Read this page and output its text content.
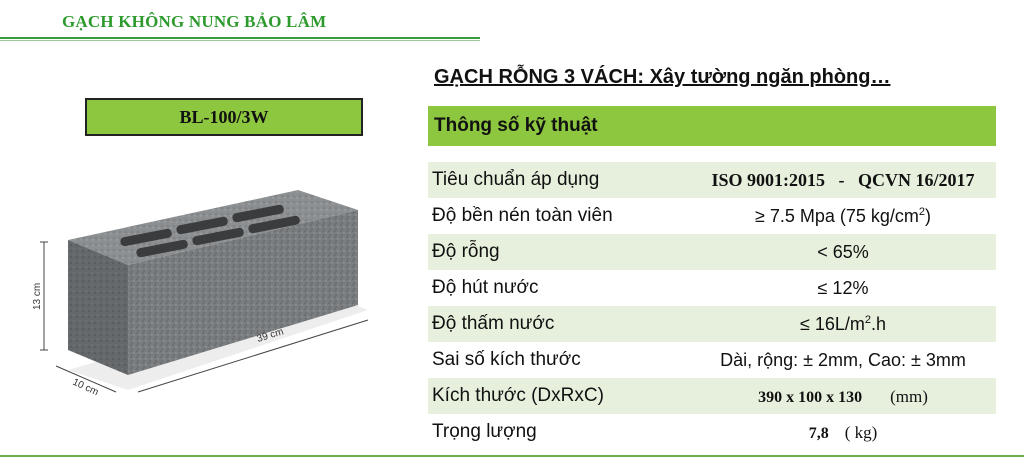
GẠCH KHÔNG NUNG BẢO LÂM
BL-100/3W
13 cm
10 cm
39 cm
GẠCH RỖNG 3 VÁCH: Xây tường ngăn phòng…
Thông số kỹ thuật
Tiêu chuẩn áp dụng	ISO 9001:2015   -   QCVN 16/2017
Độ bền nén toàn viên	≥ 7.5 Mpa (75 $kg/cm^2$)
Độ rỗng	< 65%
Độ hút nước	≤ 12%
Độ thấm nước	≤ $16L/m^2.h$
Sai số kích thước	Dài, rộng: ± 2mm, Cao: ± 3mm
Kích thước (DxRxC)	390 x 100 x 130 (mm)
Trọng lượng	7,8 ( kg)
